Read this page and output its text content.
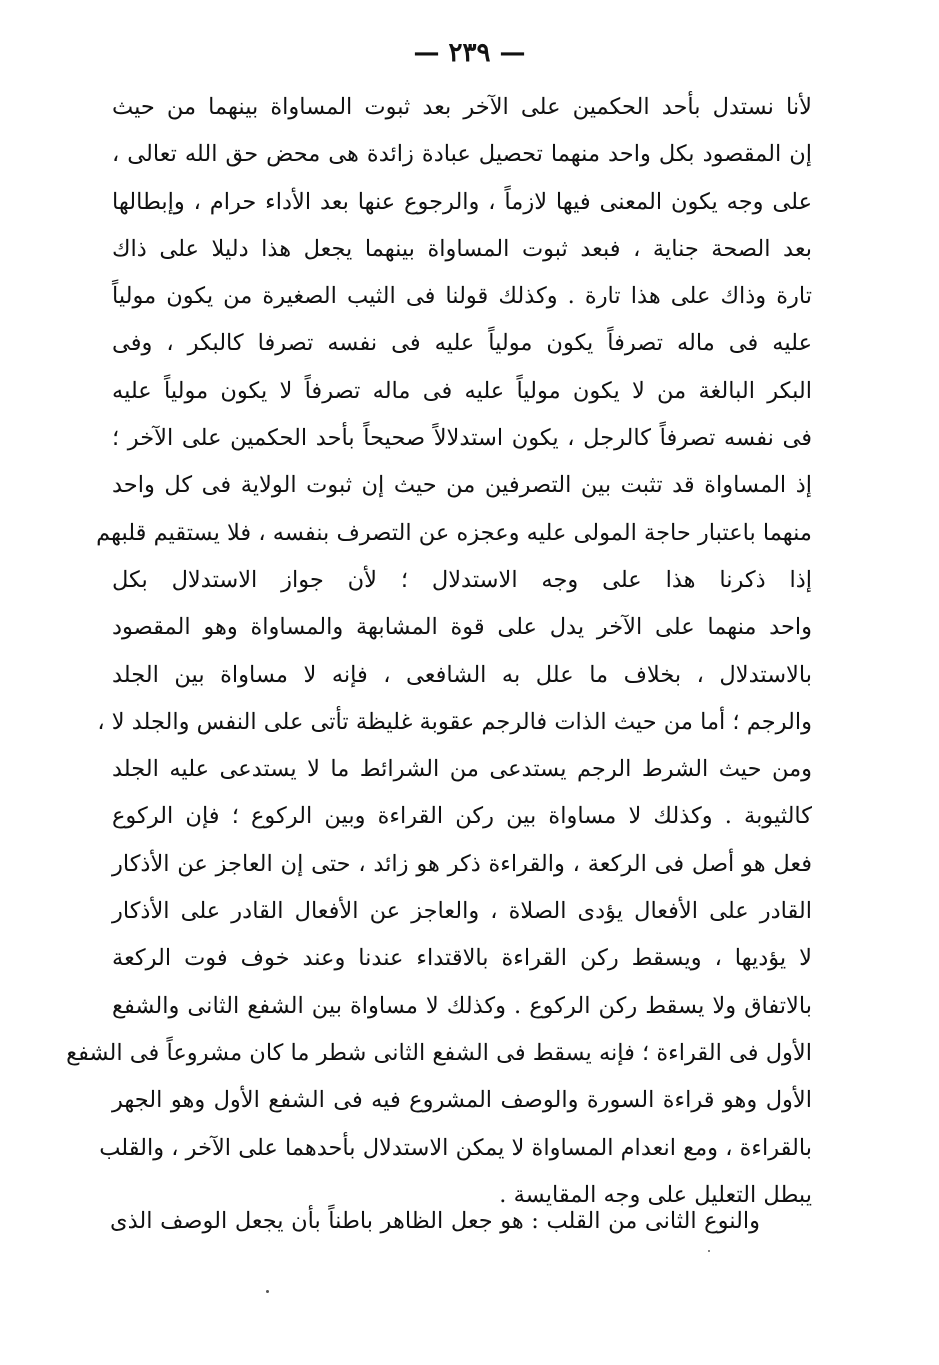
— ٢٣٩ —
لأنا نستدل بأحد الحكمين على الآخر بعد ثبوت المساواة بينهما من حيث
إن المقصود بكل واحد منهما تحصيل عبادة زائدة هى محض حق الله تعالى ،
على وجه يكون المعنى فيها لازماً ، والرجوع عنها بعد الأداء حرام ، وإبطالها
بعد الصحة جناية ، فبعد ثبوت المساواة بينهما يجعل هذا دليلا على ذاك
تارة وذاك على هذا تارة . وكذلك قولنا فى الثيب الصغيرة من يكون مولياً
عليه فى ماله تصرفاً يكون مولياً عليه فى نفسه تصرفا كالبكر ، وفى
البكر البالغة من لا يكون مولياً عليه فى ماله تصرفاً لا يكون مولياً عليه
فى نفسه تصرفاً كالرجل ، يكون استدلالاً صحيحاً بأحد الحكمين على الآخر ؛
إذ المساواة قد تثبت بين التصرفين من حيث إن ثبوت الولاية فى كل واحد
منهما باعتبار حاجة المولى عليه وعجزه عن التصرف بنفسه ، فلا يستقيم قلبهم
إذا ذكرنا هذا على وجه الاستدلال ؛ لأن جواز الاستدلال بكل
واحد منهما على الآخر يدل على قوة المشابهة والمساواة وهو المقصود
بالاستدلال ، بخلاف ما علل به الشافعى ، فإنه لا مساواة بين الجلد
والرجم ؛ أما من حيث الذات فالرجم عقوبة غليظة تأتى على النفس والجلد لا ،
ومن حيث الشرط الرجم يستدعى من الشرائط ما لا يستدعى عليه الجلد
كالثيوبة . وكذلك لا مساواة بين ركن القراءة وبين الركوع ؛ فإن الركوع
فعل هو أصل فى الركعة ، والقراءة ذكر هو زائد ، حتى إن العاجز عن الأذكار
القادر على الأفعال يؤدى الصلاة ، والعاجز عن الأفعال القادر على الأذكار
لا يؤديها ، ويسقط ركن القراءة بالاقتداء عندنا وعند خوف فوت الركعة
بالاتفاق ولا يسقط ركن الركوع . وكذلك لا مساواة بين الشفع الثانى والشفع
الأول فى القراءة ؛ فإنه يسقط فى الشفع الثانى شطر ما كان مشروعاً فى الشفع
الأول وهو قراءة السورة والوصف المشروع فيه فى الشفع الأول وهو الجهر
بالقراءة ، ومع انعدام المساواة لا يمكن الاستدلال بأحدهما على الآخر ، والقلب
يبطل التعليل على وجه المقايسة .
والنوع الثانى من القلب : هو جعل الظاهر باطناً بأن يجعل الوصف الذى
